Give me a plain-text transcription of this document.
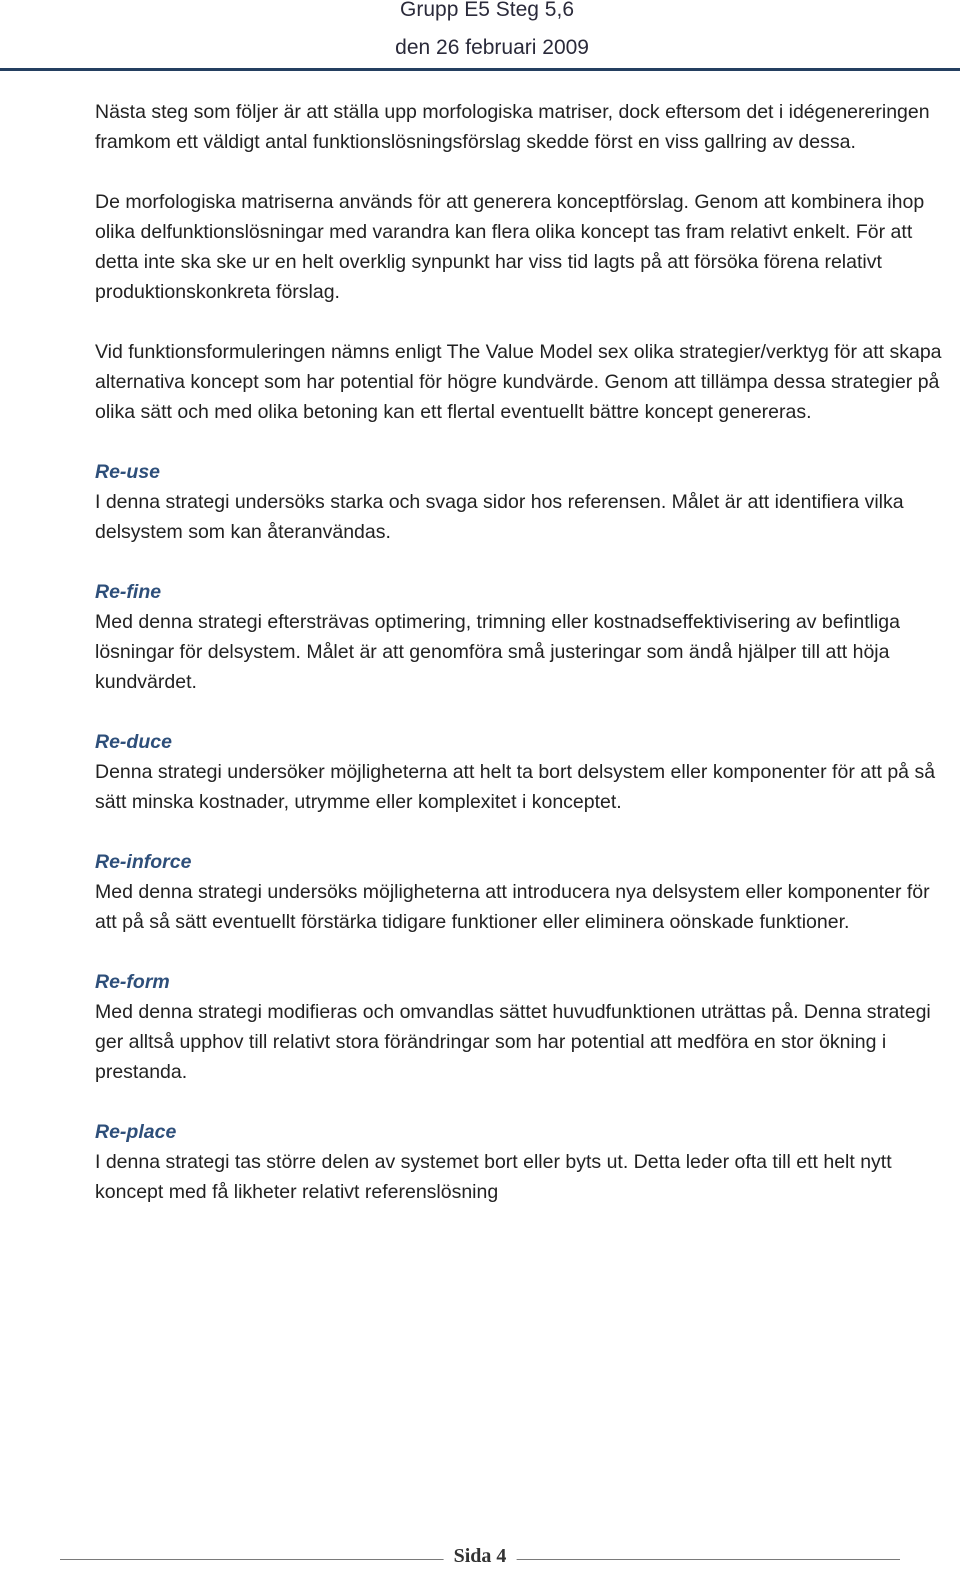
Grupp E5 Steg 5,6
den 26 februari 2009

Nästa steg som följer är att ställa upp morfologiska matriser, dock eftersom det i idégenereringen framkom ett väldigt antal funktionslösningsförslag skedde först en viss gallring av dessa.

De morfologiska matriserna används för att generera konceptförslag. Genom att kombinera ihop olika delfunktionslösningar med varandra kan flera olika koncept tas fram relativt enkelt. För att detta inte ska ske ur en helt overklig synpunkt har viss tid lagts på att försöka förena relativt produktionskonkreta förslag.

Vid funktionsformuleringen nämns enligt The Value Model sex olika strategier/verktyg för att skapa alternativa koncept som har potential för högre kundvärde. Genom att tillämpa dessa strategier på olika sätt och med olika betoning kan ett flertal eventuellt bättre koncept genereras.

Re-use

I denna strategi undersöks starka och svaga sidor hos referensen. Målet är att identifiera vilka delsystem som kan återanvändas.

Re-fine

Med denna strategi eftersträvas optimering, trimning eller kostnadseffektivisering av befintliga lösningar för delsystem. Målet är att genomföra små justeringar som ändå hjälper till att höja kundvärdet.

Re-duce

Denna strategi undersöker möjligheterna att helt ta bort delsystem eller komponenter för att på så sätt minska kostnader, utrymme eller komplexitet i konceptet.

Re-inforce

Med denna strategi undersöks möjligheterna att introducera nya delsystem eller komponenter för att på så sätt eventuellt förstärka tidigare funktioner eller eliminera oönskade funktioner.

Re-form

Med denna strategi modifieras och omvandlas sättet huvudfunktionen uträttas på. Denna strategi ger alltså upphov till relativt stora förändringar som har potential att medföra en stor ökning i prestanda.

Re-place

I denna strategi tas större delen av systemet bort eller byts ut. Detta leder ofta till ett helt nytt koncept med få likheter relativt referenslösning

Sida 4
